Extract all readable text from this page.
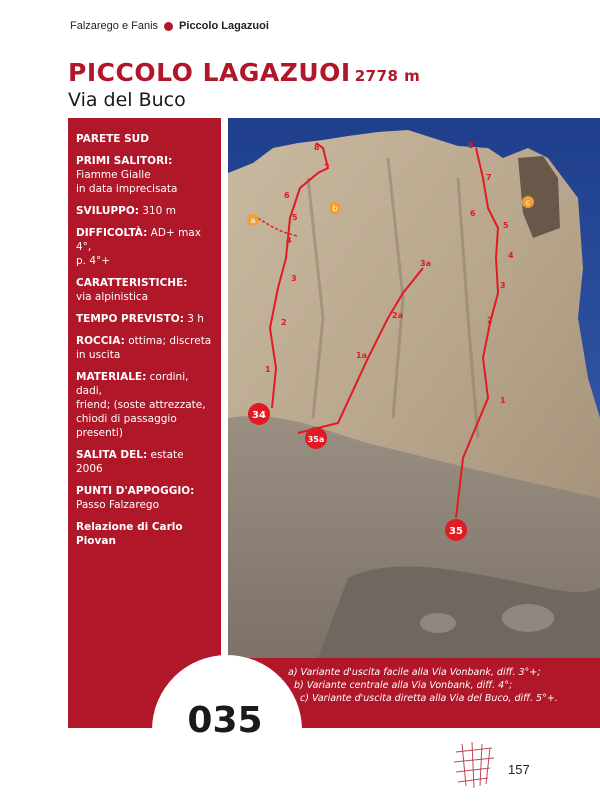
Falzarego e Fanis Piccolo Lagazuoi
PICCOLO LAGAZUOI 2778 m
Via del Buco
PARETE SUD
PRIMI SALITORI:
Fiamme Gialle
in data imprecisata
SVILUPPO: 310 m
DIFFICOLTÀ: AD+ max 4°,
p. 4°+
CARATTERISTICHE:
via alpinistica
TEMPO PREVISTO: 3 h
ROCCIA: ottima; discreta
in uscita
MATERIALE: cordini, dadi,
friend; (soste attrezzate,
chiodi di passaggio
presenti)
SALITA DEL: estate 2006
PUNTI D'APPOGGIO:
Passo Falzarego
Relazione di Carlo Piovan
34
35a
35
a
b
c
1
2
3
4
5
6
7
8
1a
2a
3a
1
2
3
4
5
6
7
8
035
a) Variante d'uscita facile alla Via Vonbank, diff. 3°+;
b) Variante centrale alla Via Vonbank, diff. 4°;
c) Variante d'uscita diretta alla Via del Buco, diff. 5°+.
157
